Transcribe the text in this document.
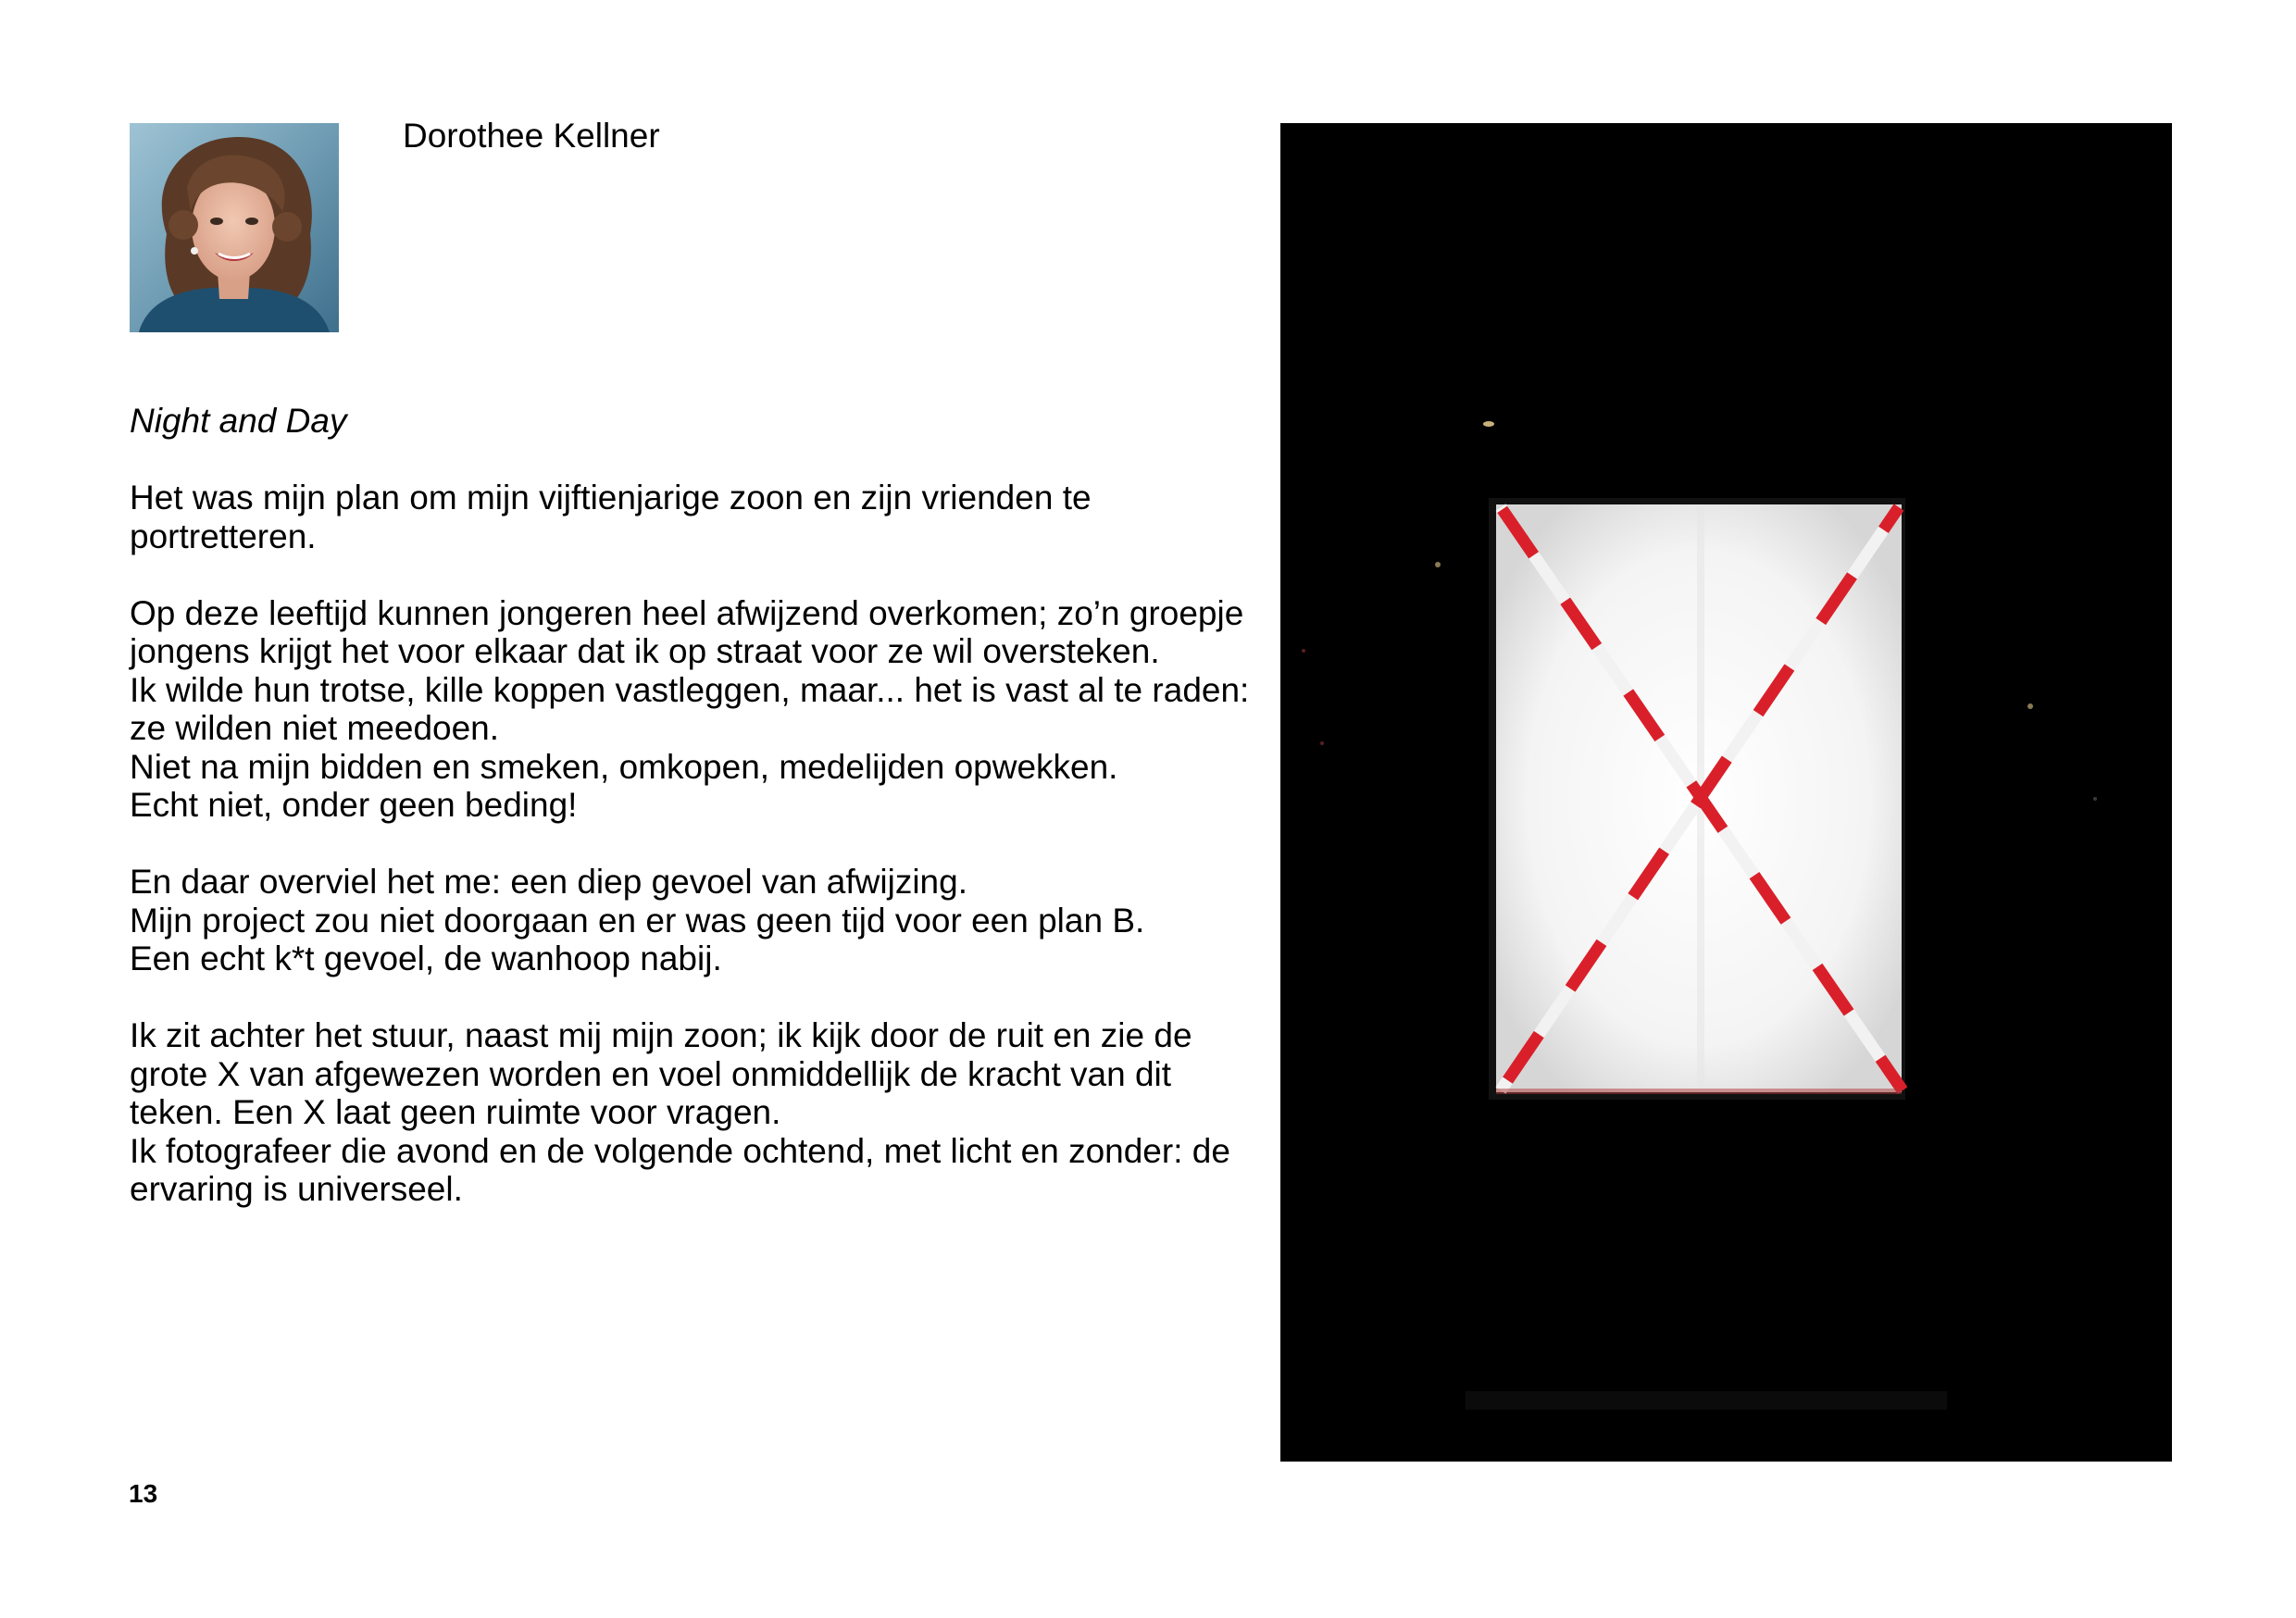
Dorothee Kellner
Night and Day
Het was mijn plan om mijn vijftienjarige zoon en zijn vrienden te
portretteren.
Op deze leeftijd kunnen jongeren heel afwijzend overkomen; zo’n groepje
jongens krijgt het voor elkaar dat ik op straat voor ze wil oversteken.
Ik wilde hun trotse, kille koppen vastleggen, maar... het is vast al te raden:
ze wilden niet meedoen.
Niet na mijn bidden en smeken, omkopen, medelijden opwekken.
Echt niet, onder geen beding!
En daar overviel het me: een diep gevoel van afwijzing.
Mijn project zou niet doorgaan en er was geen tijd voor een plan B.
Een echt k*t gevoel, de wanhoop nabij.
Ik zit achter het stuur, naast mij mijn zoon; ik kijk door de ruit en zie de
grote X van afgewezen worden en voel onmiddellijk de kracht van dit
teken. Een X laat geen ruimte voor vragen.
Ik fotografeer die avond en de volgende ochtend, met licht en zonder: de
ervaring is universeel.
13
